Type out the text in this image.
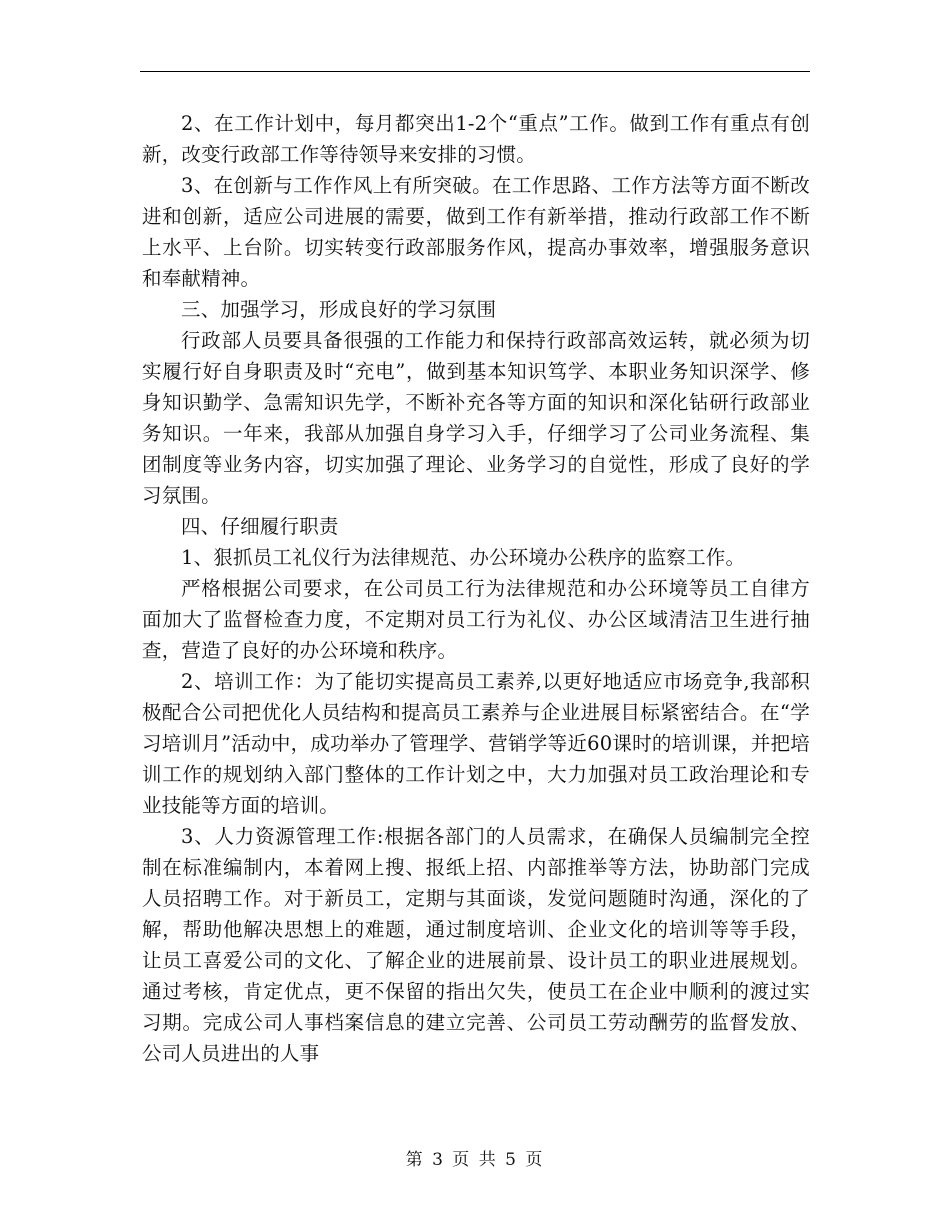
2、在工作计划中，每月都突出1-2个“重点”工作。做到工作有重点有创新，改变行政部工作等待领导来安排的习惯。

3、在创新与工作作风上有所突破。在工作思路、工作方法等方面不断改进和创新，适应公司进展的需要，做到工作有新举措，推动行政部工作不断上水平、上台阶。切实转变行政部服务作风，提高办事效率，增强服务意识和奉献精神。

三、加强学习，形成良好的学习氛围

行政部人员要具备很强的工作能力和保持行政部高效运转，就必须为切实履行好自身职责及时“充电”，做到基本知识笃学、本职业务知识深学、修身知识勤学、急需知识先学，不断补充各等方面的知识和深化钻研行政部业务知识。一年来，我部从加强自身学习入手，仔细学习了公司业务流程、集团制度等业务内容，切实加强了理论、业务学习的自觉性，形成了良好的学习氛围。

四、仔细履行职责

1、狠抓员工礼仪行为法律规范、办公环境办公秩序的监察工作。

严格根据公司要求，在公司员工行为法律规范和办公环境等员工自律方面加大了监督检查力度，不定期对员工行为礼仪、办公区域清洁卫生进行抽查，营造了良好的办公环境和秩序。

2、培训工作：为了能切实提高员工素养,以更好地适应市场竞争,我部积极配合公司把优化人员结构和提高员工素养与企业进展目标紧密结合。在“学习培训月”活动中，成功举办了管理学、营销学等近60课时的培训课，并把培训工作的规划纳入部门整体的工作计划之中，大力加强对员工政治理论和专业技能等方面的培训。

3、人力资源管理工作:根据各部门的人员需求，在确保人员编制完全控制在标准编制内，本着网上搜、报纸上招、内部推举等方法，协助部门完成人员招聘工作。对于新员工，定期与其面谈，发觉问题随时沟通，深化的了解，帮助他解决思想上的难题，通过制度培训、企业文化的培训等等手段，让员工喜爱公司的文化、了解企业的进展前景、设计员工的职业进展规划。通过考核，肯定优点，更不保留的指出欠失，使员工在企业中顺利的渡过实习期。完成公司人事档案信息的建立完善、公司员工劳动酬劳的监督发放、公司人员进出的人事

第 3 页 共 5 页
